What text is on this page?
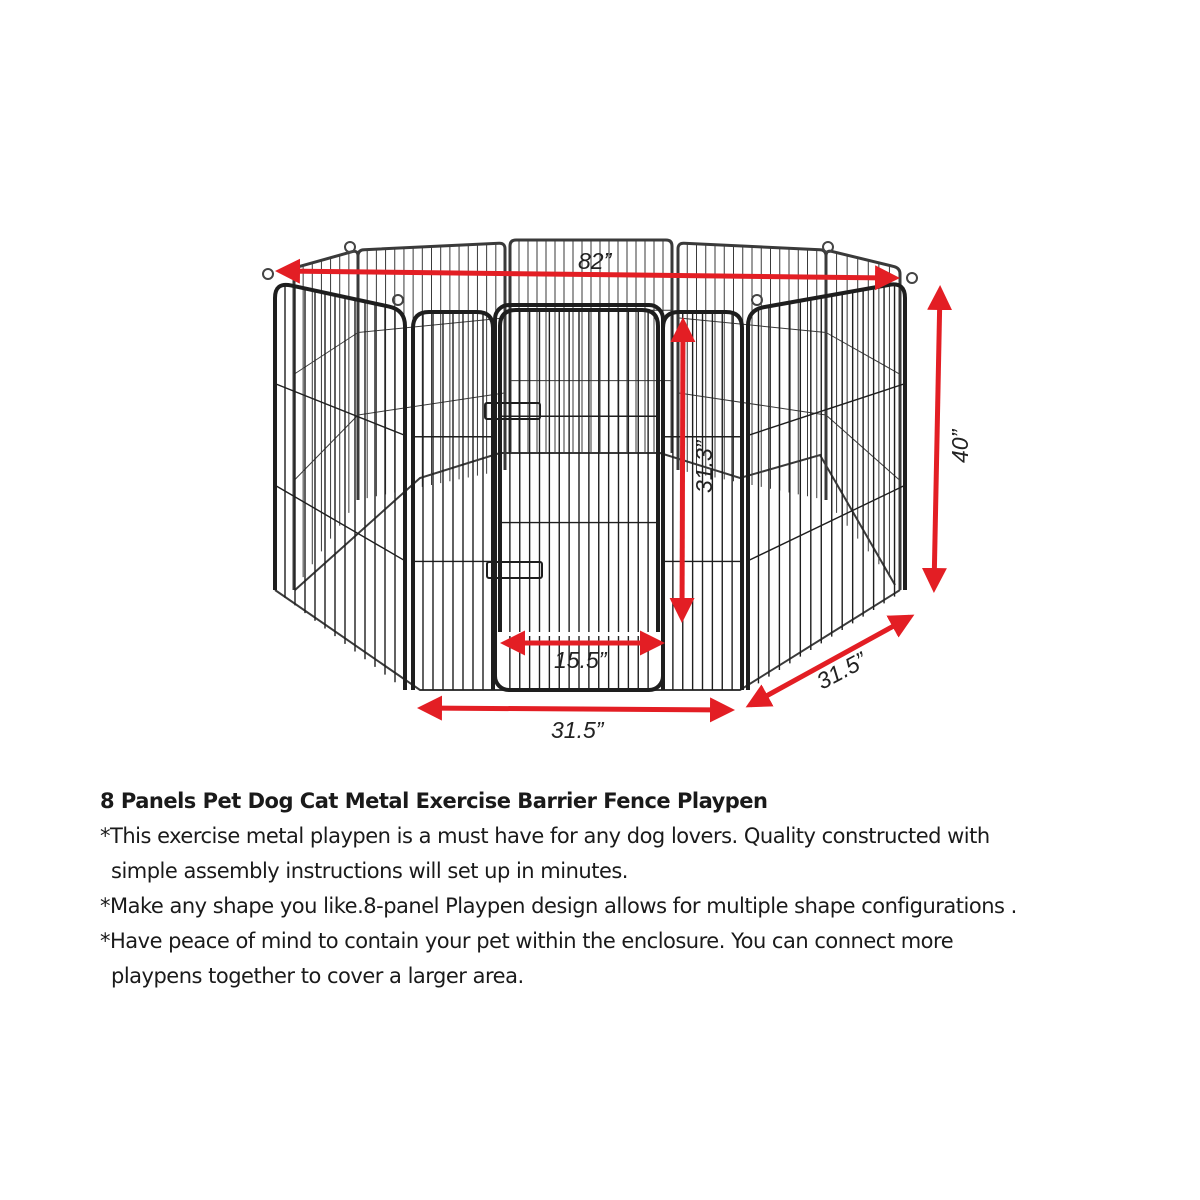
82”
40”
31.3”
15.5”
31.5”
31.5”
8 Panels Pet Dog Cat Metal Exercise Barrier Fence Playpen

*This exercise metal playpen is a must have for any dog lovers. Quality constructed with

simple assembly instructions will set up in minutes.

*Make any shape you like.8-panel Playpen design allows for multiple shape configurations .

*Have peace of mind to contain your pet within the enclosure. You can connect more

playpens together to cover a larger area.
